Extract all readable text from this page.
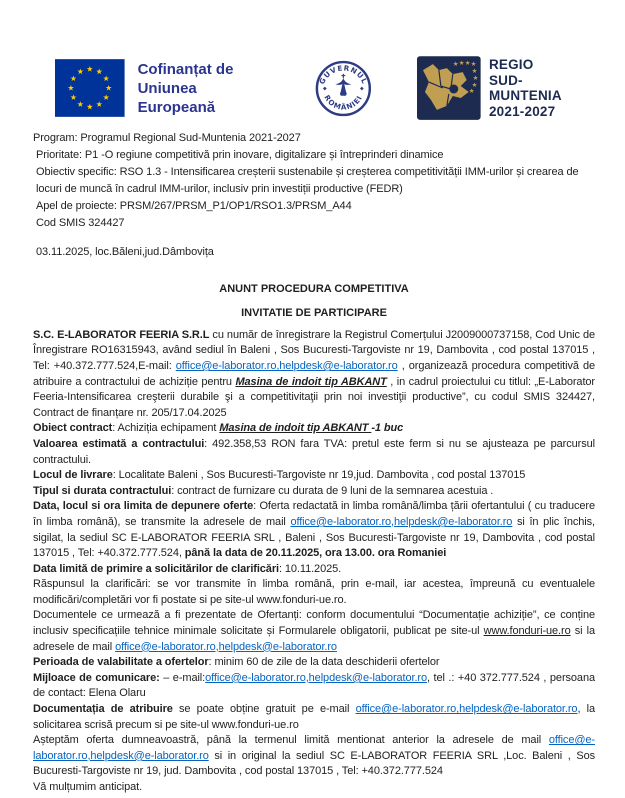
Cofinanțat de
Uniunea Europeană
GUVERNUL
ROMÂNIEI
★ ★ ★ ★
★
★
★
★
REGIO
SUD-MUNTENIA
2021-2027
Program: Programul Regional Sud-Muntenia 2021-2027
Prioritate: P1 -O regiune competitivă prin inovare, digitalizare și întreprinderi dinamice
Obiectiv specific: RSO 1.3 - Intensificarea creșterii sustenabile și creșterea competitivității IMM-urilor și crearea de locuri de muncă în cadrul IMM-urilor, inclusiv prin investiții productive (FEDR)
Apel de proiecte: PRSM/267/PRSM_P1/OP1/RSO1.3/PRSM_A44
Cod SMIS 324427
03.11.2025, loc.Băleni,jud.Dâmbovița
ANUNT PROCEDURA COMPETITIVA
INVITATIE DE PARTICIPARE

S.C. E-LABORATOR FEERIA S.R.L cu număr de înregistrare la Registrul Comerțului J2009000737158, Cod Unic de Înregistrare RO16315943, având sediul în Baleni , Sos Bucuresti-Targoviste nr 19, Dambovita , cod postal 137015 , Tel: +40.372.777.524,E-mail: office@e-laborator.ro,helpdesk@e-laborator.ro , organizează procedura competitivă de atribuire a contractului de achiziție pentru Masina de indoit tip ABKANT , in cadrul proiectului cu titlul: „E-Laborator Feeria-Intensificarea creşterii durabile şi a competitivitaţii prin noi investiţii productive”, cu codul SMIS 324427, Contract de finanțare nr. 205/17.04.2025

Obiect contract: Achiziția echipament Masina de indoit tip ABKANT -1 buc

Valoarea estimată a contractului: 492.358,53 RON fara TVA: pretul este ferm si nu se ajusteaza pe parcursul contractului.

Locul de livrare: Localitate Baleni , Sos Bucuresti-Targoviste nr 19,jud. Dambovita , cod postal 137015

Tipul si durata contractului: contract de furnizare cu durata de 9 luni de la semnarea acestuia .

Data, locul si ora limita de depunere oferte: Oferta redactată in limba română/limba țării ofertantului ( cu traducere în limba română), se transmite la adresele de mail office@e-laborator.ro,helpdesk@e-laborator.ro si în plic închis, sigilat, la sediul SC E-LABORATOR FEERIA SRL , Baleni , Sos Bucuresti-Targoviste nr 19, Dambovita , cod postal 137015 , Tel: +40.372.777.524, până la data de 20.11.2025, ora 13.00. ora Romaniei

Data limită de primire a solicitărilor de clarificări: 10.11.2025.

Răspunsul la clarificări: se vor transmite în limba română, prin e-mail, iar acestea, împreună cu eventualele modificări/completări vor fi postate si pe site-ul www.fonduri-ue.ro.

Documentele ce urmează a fi prezentate de Ofertanți: conform documentului “Documentație achiziție”, ce conține inclusiv specificațiile tehnice minimale solicitate și Formularele obligatorii, publicat pe site-ul www.fonduri-ue.ro si la adresele de mail office@e-laborator.ro,helpdesk@e-laborator.ro

Perioada de valabilitate a ofertelor: minim 60 de zile de la data deschiderii ofertelor

Mijloace de comunicare: – e-mail:office@e-laborator.ro,helpdesk@e-laborator.ro, tel .: +40 372.777.524 , persoana de contact: Elena Olaru

Documentația de atribuire se poate obține gratuit pe e-mail office@e-laborator.ro,helpdesk@e-laborator.ro, la solicitarea scrisă precum si pe site-ul www.fonduri-ue.ro

Așteptăm oferta dumneavoastră, până la termenul limită mentionat anterior la adresele de mail office@e-laborator.ro,helpdesk@e-laborator.ro si in original la sediul SC E-LABORATOR FEERIA SRL ,Loc. Baleni , Sos Bucuresti-Targoviste nr 19, jud. Dambovita , cod postal 137015 , Tel: +40.372.777.524

Vă mulțumim anticipat.
